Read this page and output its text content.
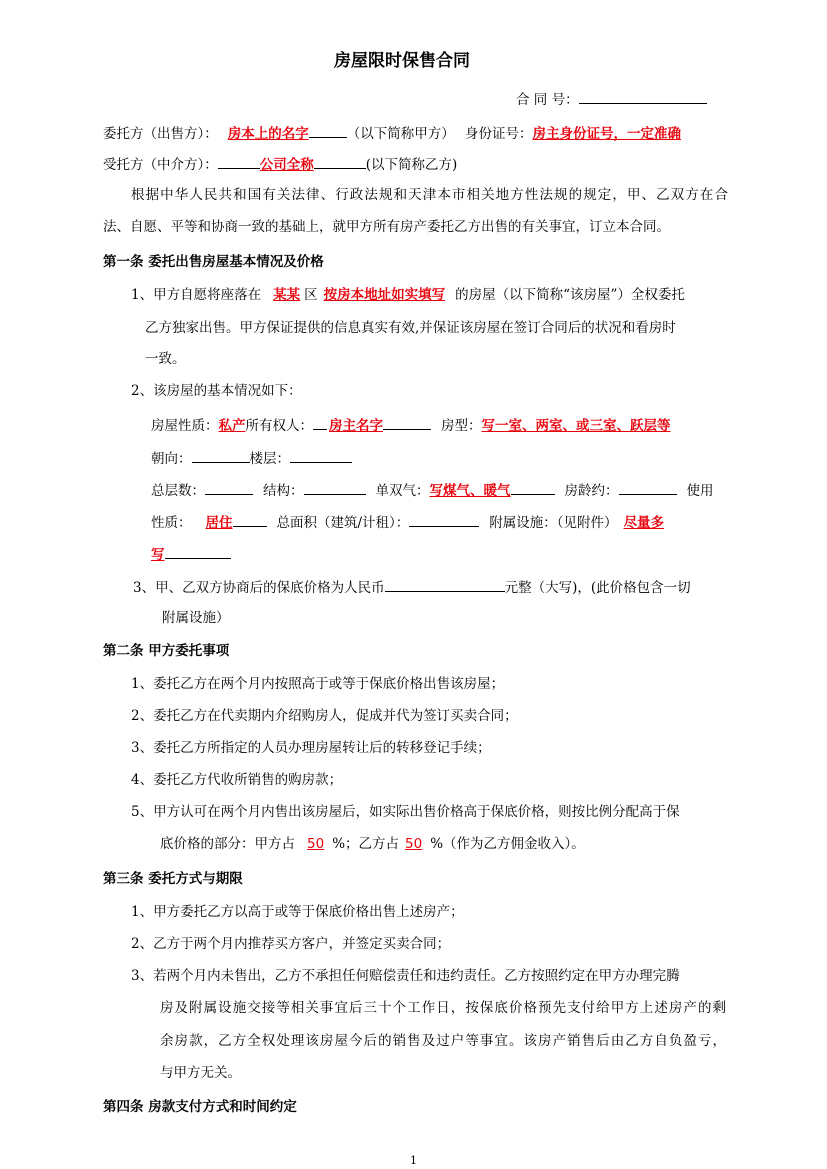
房屋限时保售合同
合 同 号：
委托方（出售方）： 房本上的名字	（以下简称甲方） 身份证号：房主身份证号，一定准确
受托方（中介方）：	公司全称	(以下简称乙方)
根据中华人民共和国有关法律、行政法规和天津本市相关地方性法规的规定，甲、乙双方在合
法、自愿、平等和协商一致的基础上，就甲方所有房产委托乙方出售的有关事宜，订立本合同。
第一条 委托出售房屋基本情况及价格
1、甲方自愿将座落在 某某 区 按房本地址如实填写 的房屋（以下简称“该房屋”）全权委托
乙方独家出售。甲方保证提供的信息真实有效,并保证该房屋在签订合同后的状况和看房时
一致。
2、该房屋的基本情况如下：
房屋性质：私产所有权人： 房主名字	房型：写一室、两室、或三室、跃层等
朝向：	楼层：
总层数：	结构：	单双气：写煤气、暖气	房龄约：	使用
性质： 居住	总面积（建筑/计租）：	附属设施：（见附件） 尽量多
写
3、甲、乙双方协商后的保底价格为人民币	元整（大写)，(此价格包含一切
附属设施）
第二条 甲方委托事项
1、委托乙方在两个月内按照高于或等于保底价格出售该房屋；
2、委托乙方在代卖期内介绍购房人，促成并代为签订买卖合同；
3、委托乙方所指定的人员办理房屋转让后的转移登记手续；
4、委托乙方代收所销售的购房款；
5、甲方认可在两个月内售出该房屋后，如实际出售价格高于保底价格，则按比例分配高于保
底价格的部分：甲方占 50 %；乙方占 50 %（作为乙方佣金收入）。
第三条 委托方式与期限
1、甲方委托乙方以高于或等于保底价格出售上述房产；
2、乙方于两个月内推荐买方客户，并签定买卖合同；
3、若两个月内未售出，乙方不承担任何赔偿责任和违约责任。乙方按照约定在甲方办理完腾
房及附属设施交接等相关事宜后三十个工作日，按保底价格预先支付给甲方上述房产的剩
余房款，乙方全权处理该房屋今后的销售及过户等事宜。该房产销售后由乙方自负盈亏，
与甲方无关。
第四条 房款支付方式和时间约定
1
